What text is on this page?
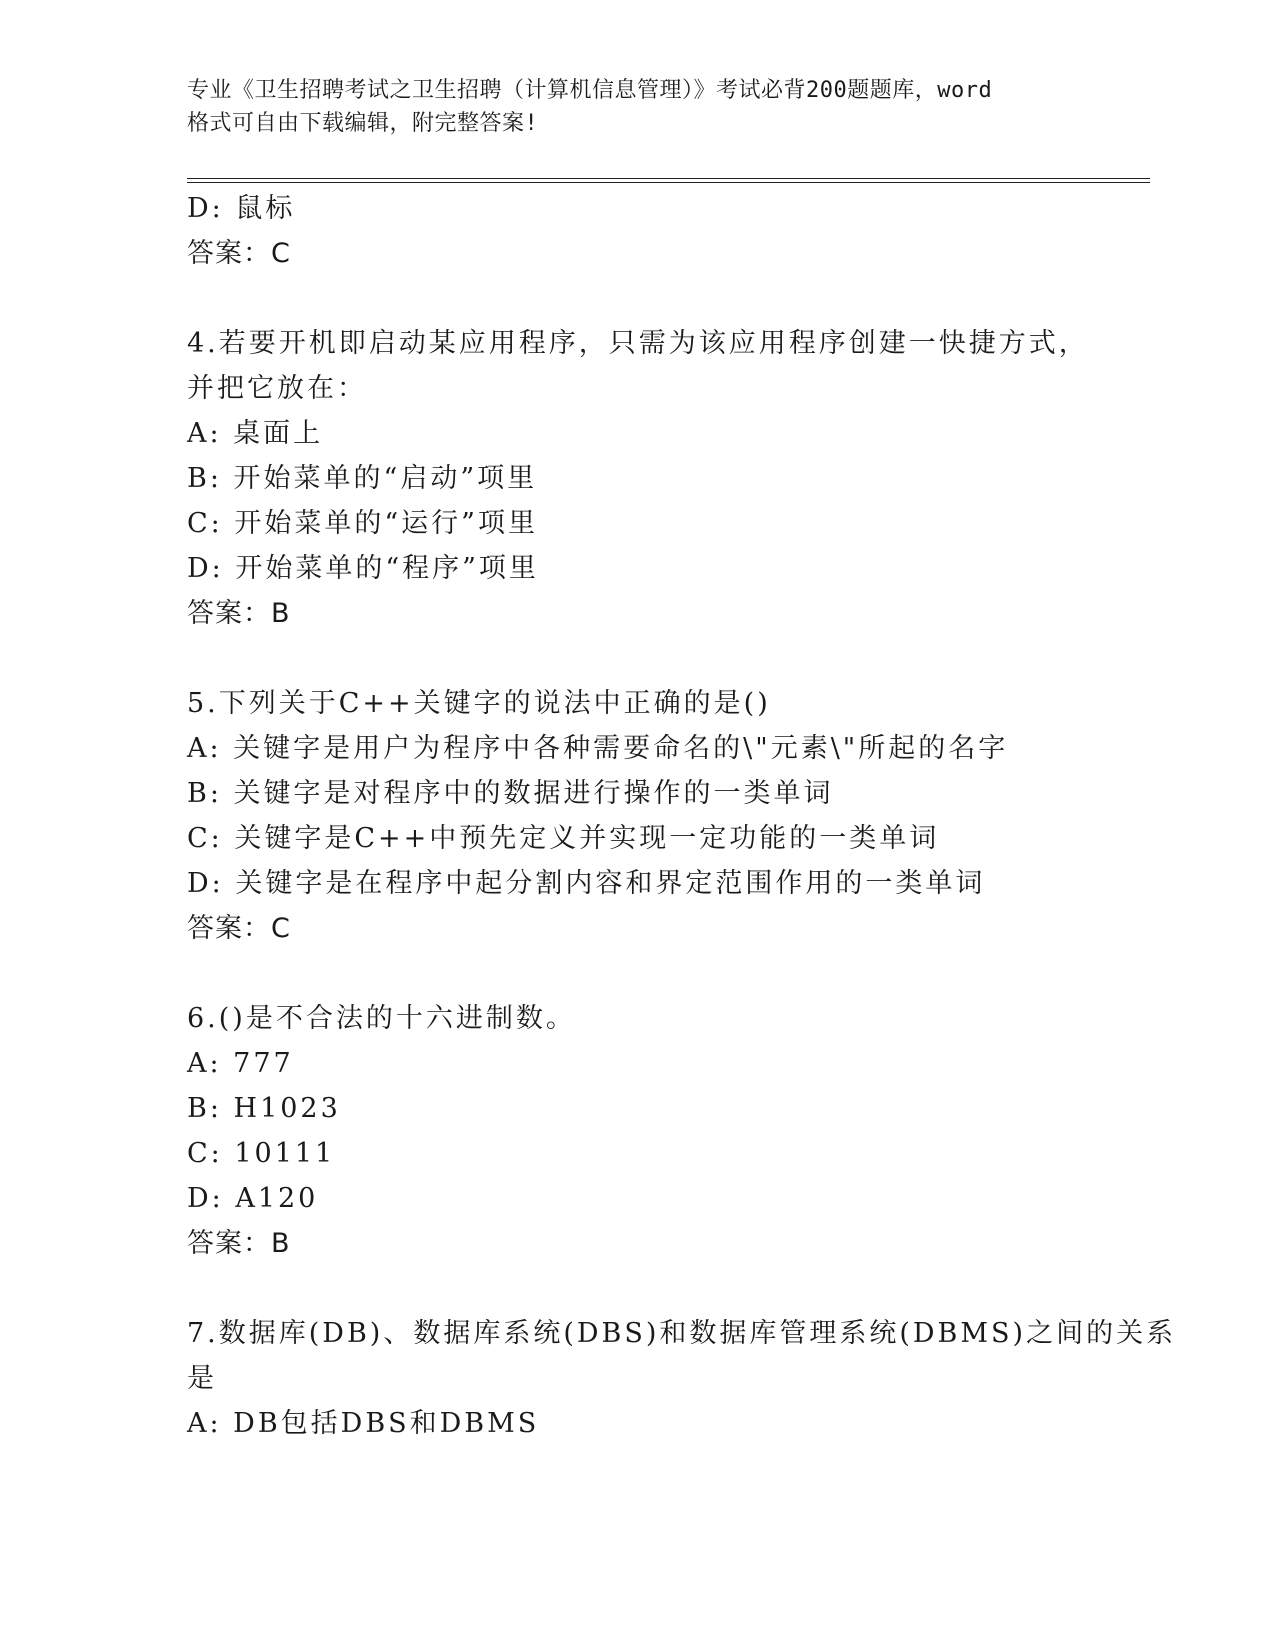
专业《卫生招聘考试之卫生招聘（计算机信息管理）》考试必背200题题库，word
格式可自由下载编辑，附完整答案!
D: 鼠标
答案：C
4.若要开机即启动某应用程序，只需为该应用程序创建一快捷方式，
并把它放在：
A: 桌面上
B: 开始菜单的“启动”项里
C: 开始菜单的“运行”项里
D: 开始菜单的“程序”项里
答案：B
5.下列关于C++关键字的说法中正确的是()
A: 关键字是用户为程序中各种需要命名的\"元素\"所起的名字
B: 关键字是对程序中的数据进行操作的一类单词
C: 关键字是C++中预先定义并实现一定功能的一类单词
D: 关键字是在程序中起分割内容和界定范围作用的一类单词
答案：C
6.()是不合法的十六进制数。
A: 777
B: H1023
C: 10111
D: A120
答案：B
7.数据库(DB)、数据库系统(DBS)和数据库管理系统(DBMS)之间的关系
是
A: DB包括DBS和DBMS
